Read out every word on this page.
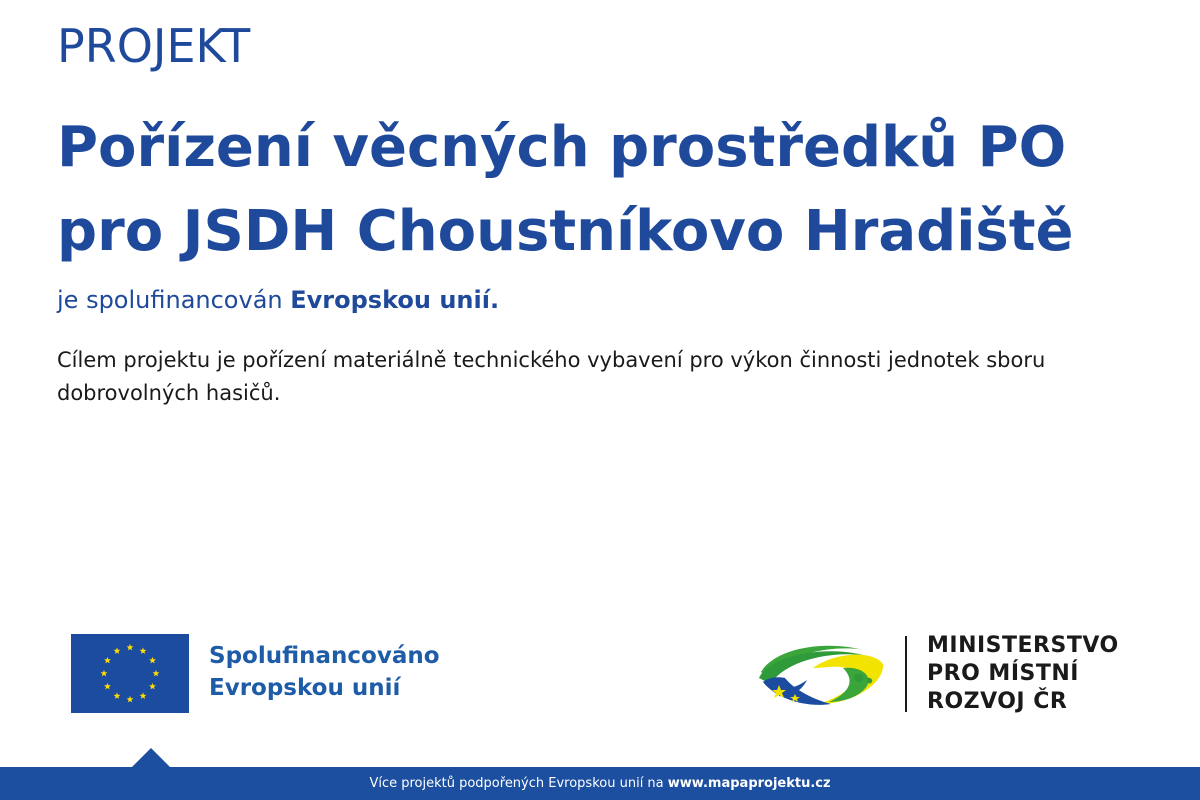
PROJEKT
Pořízení věcných prostředků PO
pro JSDH Choustníkovo Hradiště
je spolufinancován Evropskou unií.

Cílem projektu je pořízení materiálně technického vybavení pro výkon činnosti jednotek sboru dobrovolných hasičů.

Spolufinancováno
Evropskou unií
MINISTERSTVO
PRO MÍSTNÍ
ROZVOJ ČR
Více projektů podpořených Evropskou unií na www.mapaprojektu.cz
